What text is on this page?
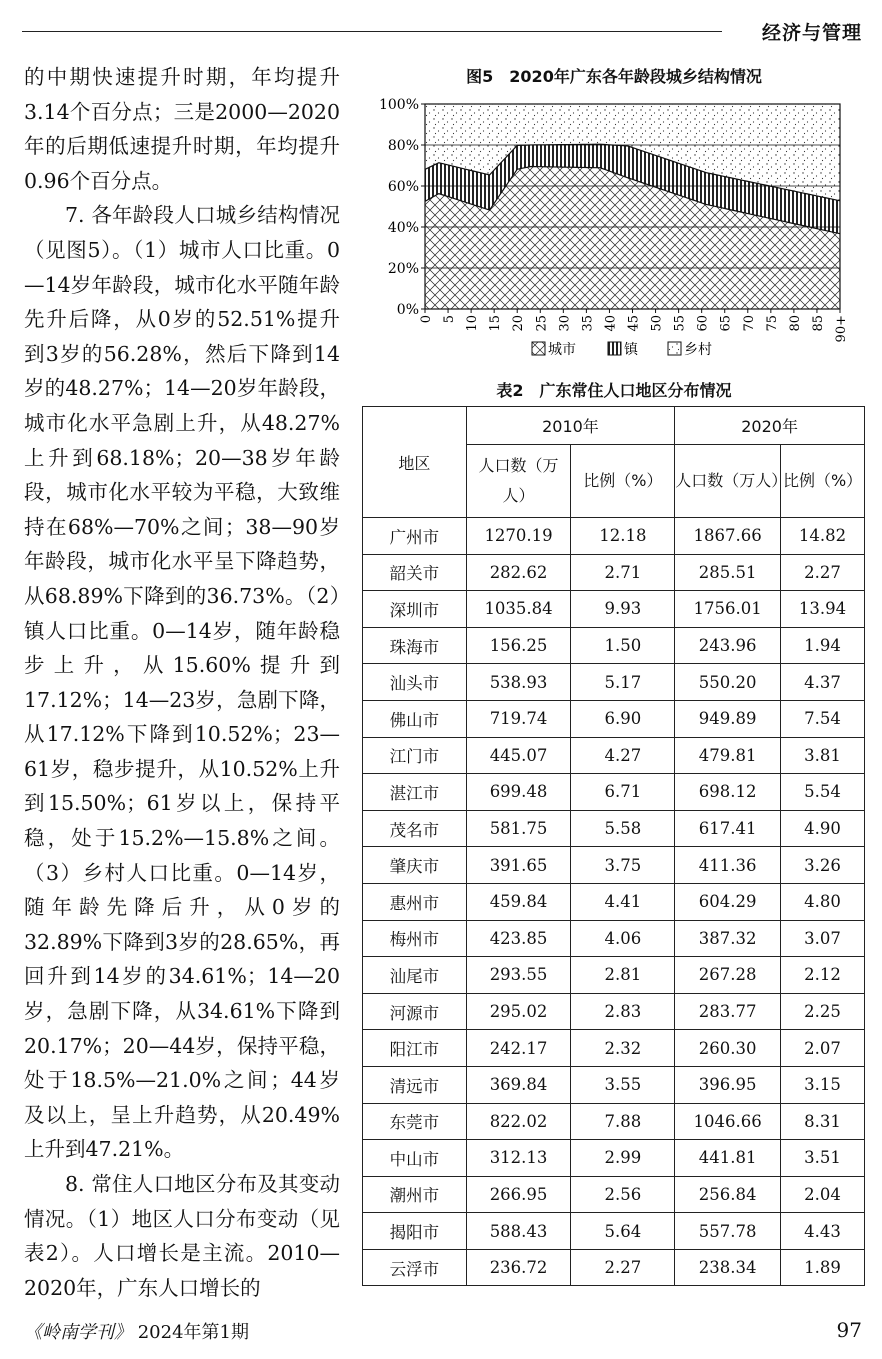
经济与管理

的中期快速提升时期，年均提升3.14个百分点；三是2000—2020年的后期低速提升时期，年均提升0.96个百分点。

7. 各年龄段人口城乡结构情况（见图5）。（1）城市人口比重。0—14岁年龄段，城市化水平随年龄先升后降，从0岁的52.51%提升到3岁的56.28%，然后下降到14岁的48.27%；14—20岁年龄段，城市化水平急剧上升，从48.27%上升到68.18%；20—38岁年龄段，城市化水平较为平稳，大致维持在68%—70%之间；38—90岁年龄段，城市化水平呈下降趋势，从68.89%下降到的36.73%。（2）镇人口比重。0—14岁，随年龄稳步上升，从15.60%提升到17.12%；14—23岁，急剧下降，从17.12%下降到10.52%；23—61岁，稳步提升，从10.52%上升到15.50%；61岁以上，保持平稳，处于15.2%—15.8%之间。（3）乡村人口比重。0—14岁，随年龄先降后升，从0岁的32.89%下降到3岁的28.65%，再回升到14岁的34.61%；14—20岁，急剧下降，从34.61%下降到20.17%；20—44岁，保持平稳，处于18.5%—21.0%之间；44岁及以上，呈上升趋势，从20.49%上升到47.21%。

8. 常住人口地区分布及其变动情况。（1）地区人口分布变动（见表2）。人口增长是主流。2010—2020年，广东人口增长的

图5　2020年广东各年龄段城乡结构情况
0%
20%
40%
60%
80%
100%
0 5 10 15 20 25 30 35 40 45 50 55 60 65 70 75 80 85 90+
城市	镇	乡村
表2　广东常住人口地区分布情况
地区	2010年		2020年	
	人口数（万人）	比例（%）	人口数（万人）	比例（%）
广州市	1270.19	12.18	1867.66	14.82
韶关市	282.62	2.71	285.51	2.27
深圳市	1035.84	9.93	1756.01	13.94
珠海市	156.25	1.50	243.96	1.94
汕头市	538.93	5.17	550.20	4.37
佛山市	719.74	6.90	949.89	7.54
江门市	445.07	4.27	479.81	3.81
湛江市	699.48	6.71	698.12	5.54
茂名市	581.75	5.58	617.41	4.90
肇庆市	391.65	3.75	411.36	3.26
惠州市	459.84	4.41	604.29	4.80
梅州市	423.85	4.06	387.32	3.07
汕尾市	293.55	2.81	267.28	2.12
河源市	295.02	2.83	283.77	2.25
阳江市	242.17	2.32	260.30	2.07
清远市	369.84	3.55	396.95	3.15
东莞市	822.02	7.88	1046.66	8.31
中山市	312.13	2.99	441.81	3.51
潮州市	266.95	2.56	256.84	2.04
揭阳市	588.43	5.64	557.78	4.43
云浮市	236.72	2.27	238.34	1.89
《岭南学刊》 2024年第1期	97
